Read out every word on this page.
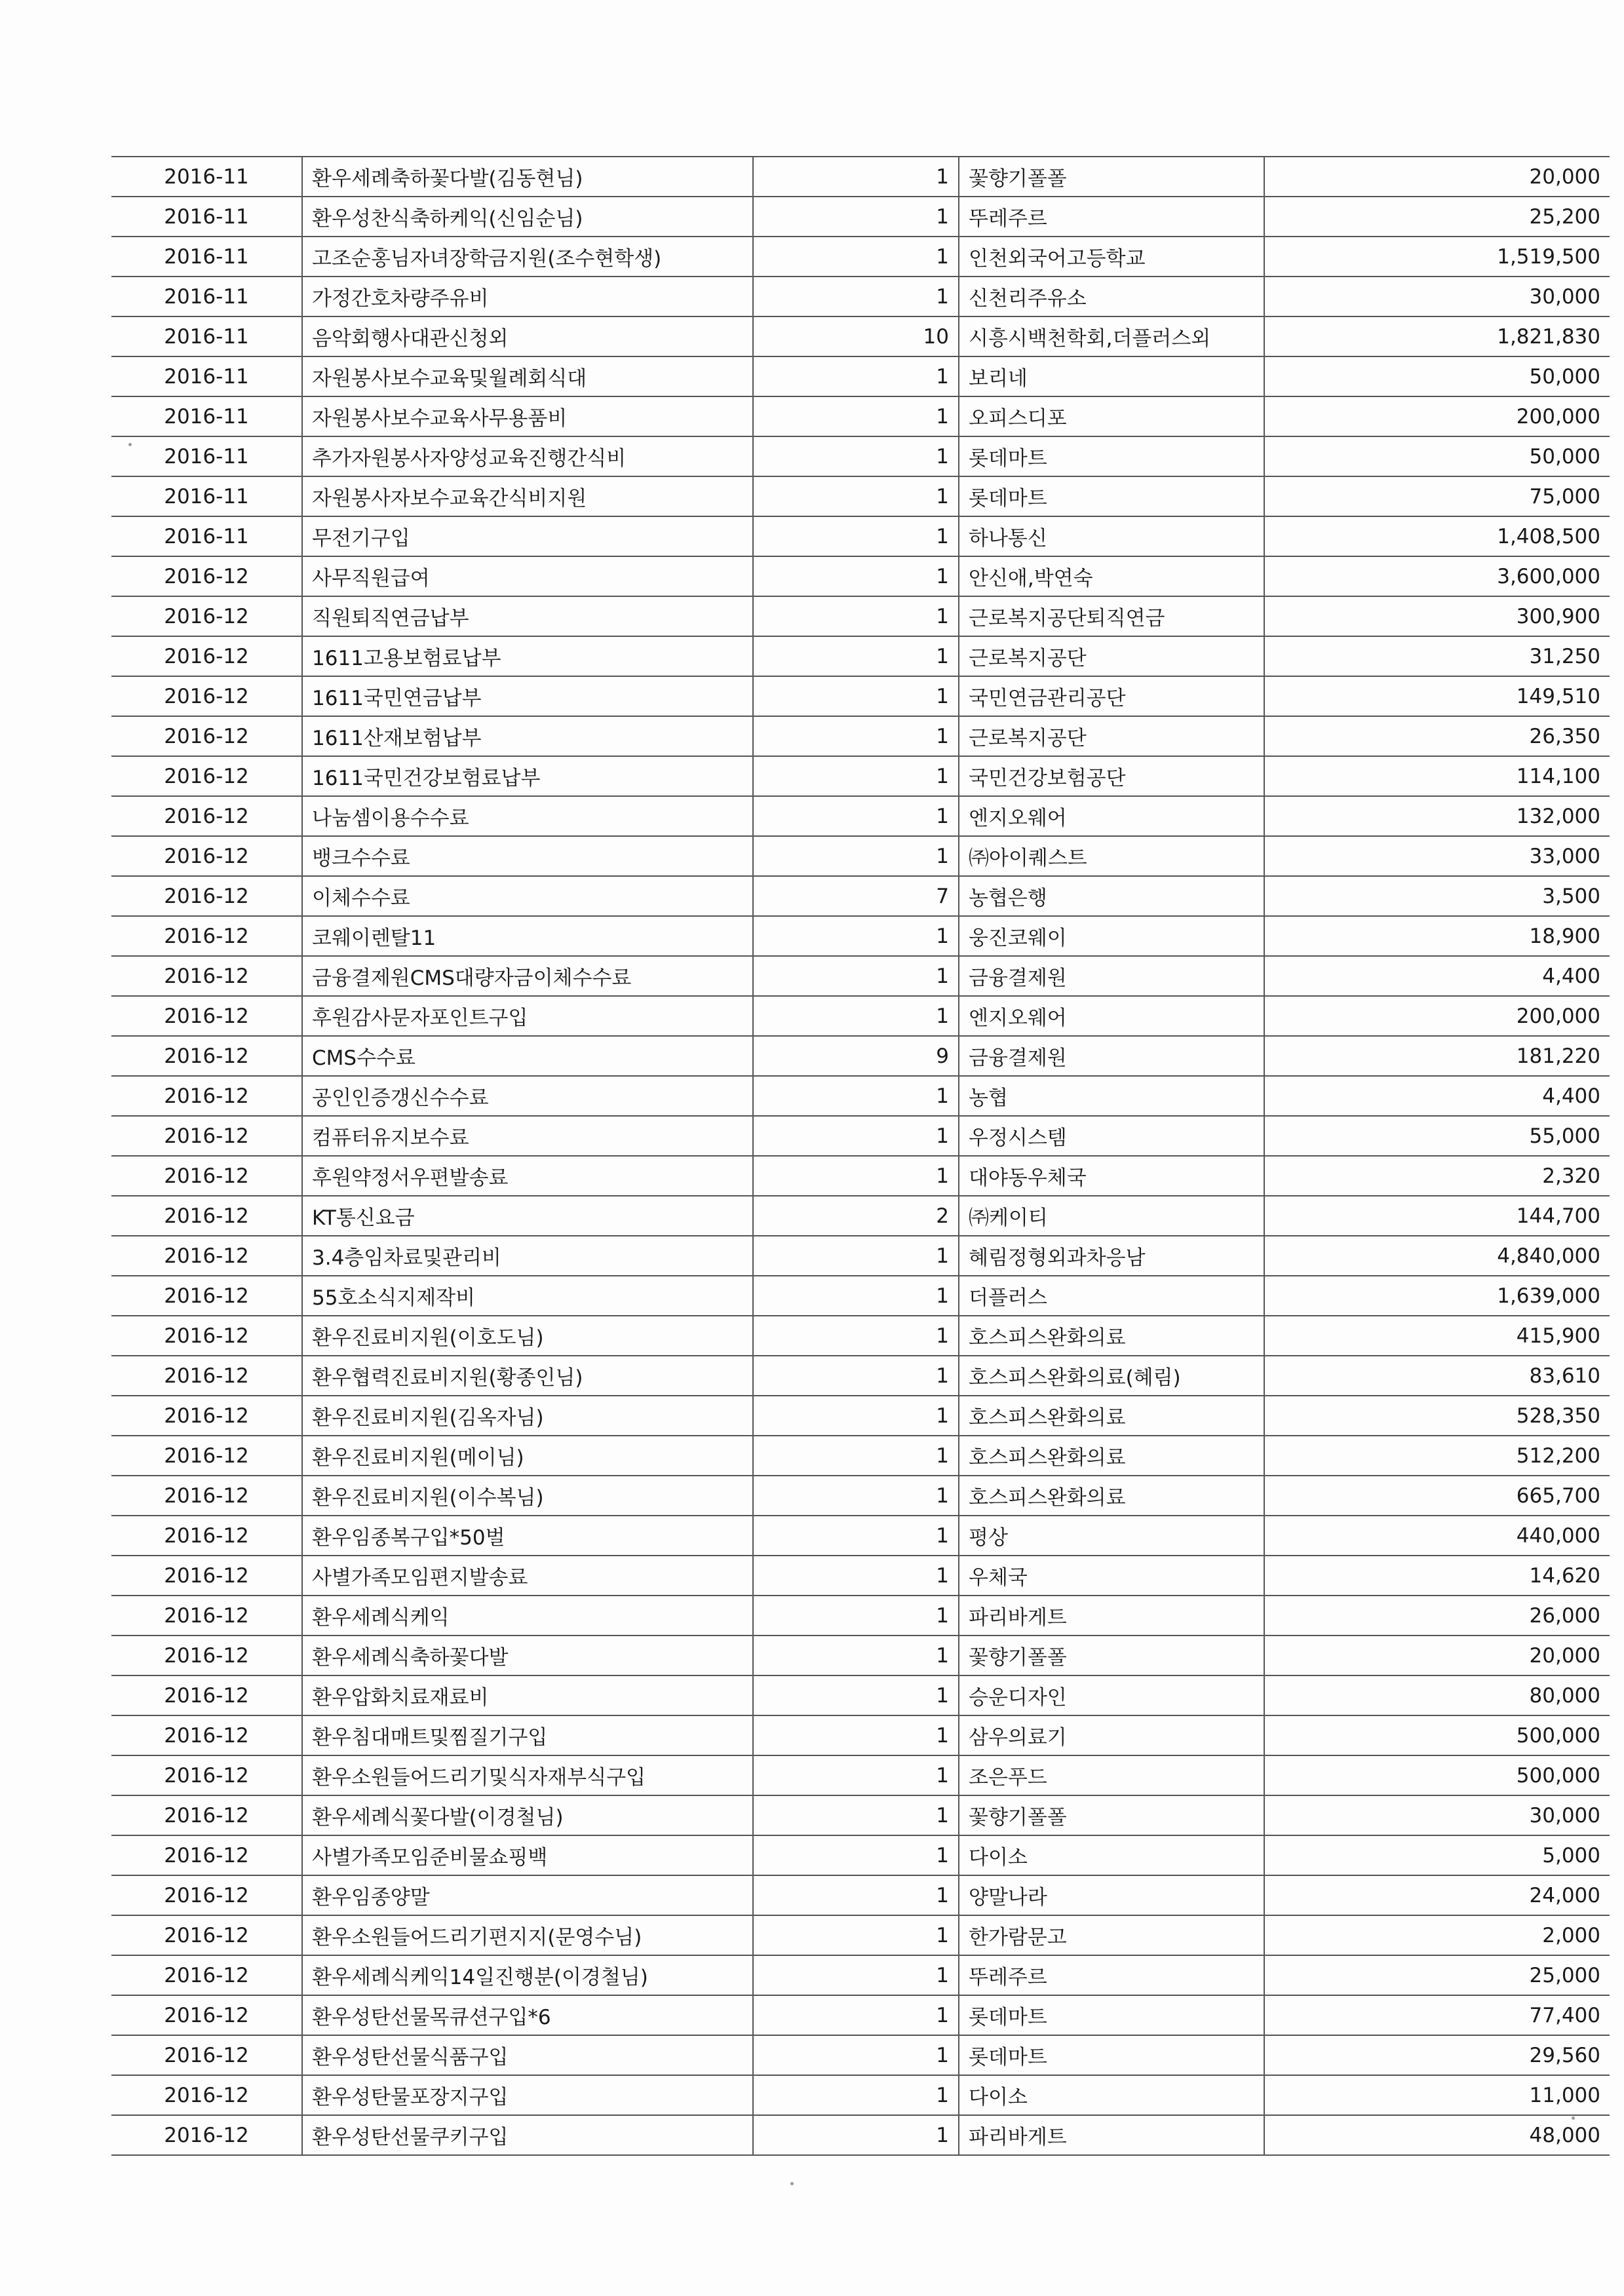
2016-11	환우세례축하꽃다발(김동현님)	1	꽃향기폴폴	20,000
2016-11	환우성찬식축하케익(신임순님)	1	뚜레주르	25,200
2016-11	고조순홍님자녀장학금지원(조수현학생)	1	인천외국어고등학교	1,519,500
2016-11	가정간호차량주유비	1	신천리주유소	30,000
2016-11	음악회행사대관신청외	10	시흥시백천학회,더플러스외	1,821,830
2016-11	자원봉사보수교육및월례회식대	1	보리네	50,000
2016-11	자원봉사보수교육사무용품비	1	오피스디포	200,000
2016-11	추가자원봉사자양성교육진행간식비	1	롯데마트	50,000
2016-11	자원봉사자보수교육간식비지원	1	롯데마트	75,000
2016-11	무전기구입	1	하나통신	1,408,500
2016-12	사무직원급여	1	안신애,박연숙	3,600,000
2016-12	직원퇴직연금납부	1	근로복지공단퇴직연금	300,900
2016-12	1611고용보험료납부	1	근로복지공단	31,250
2016-12	1611국민연금납부	1	국민연금관리공단	149,510
2016-12	1611산재보험납부	1	근로복지공단	26,350
2016-12	1611국민건강보험료납부	1	국민건강보험공단	114,100
2016-12	나눔셈이용수수료	1	엔지오웨어	132,000
2016-12	뱅크수수료	1	㈜아이퀘스트	33,000
2016-12	이체수수료	7	농협은행	3,500
2016-12	코웨이렌탈11	1	웅진코웨이	18,900
2016-12	금융결제원CMS대량자금이체수수료	1	금융결제원	4,400
2016-12	후원감사문자포인트구입	1	엔지오웨어	200,000
2016-12	CMS수수료	9	금융결제원	181,220
2016-12	공인인증갱신수수료	1	농협	4,400
2016-12	컴퓨터유지보수료	1	우정시스템	55,000
2016-12	후원약정서우편발송료	1	대야동우체국	2,320
2016-12	KT통신요금	2	㈜케이티	144,700
2016-12	3.4층임차료및관리비	1	혜림정형외과차응남	4,840,000
2016-12	55호소식지제작비	1	더플러스	1,639,000
2016-12	환우진료비지원(이호도님)	1	호스피스완화의료	415,900
2016-12	환우협력진료비지원(황종인님)	1	호스피스완화의료(혜림)	83,610
2016-12	환우진료비지원(김옥자님)	1	호스피스완화의료	528,350
2016-12	환우진료비지원(메이님)	1	호스피스완화의료	512,200
2016-12	환우진료비지원(이수복님)	1	호스피스완화의료	665,700
2016-12	환우임종복구입*50벌	1	평상	440,000
2016-12	사별가족모임편지발송료	1	우체국	14,620
2016-12	환우세례식케익	1	파리바게트	26,000
2016-12	환우세례식축하꽃다발	1	꽃향기폴폴	20,000
2016-12	환우압화치료재료비	1	승운디자인	80,000
2016-12	환우침대매트및찜질기구입	1	삼우의료기	500,000
2016-12	환우소원들어드리기및식자재부식구입	1	조은푸드	500,000
2016-12	환우세례식꽃다발(이경철님)	1	꽃향기폴폴	30,000
2016-12	사별가족모임준비물쇼핑백	1	다이소	5,000
2016-12	환우임종양말	1	양말나라	24,000
2016-12	환우소원들어드리기편지지(문영수님)	1	한가람문고	2,000
2016-12	환우세례식케익14일진행분(이경철님)	1	뚜레주르	25,000
2016-12	환우성탄선물목큐션구입*6	1	롯데마트	77,400
2016-12	환우성탄선물식품구입	1	롯데마트	29,560
2016-12	환우성탄물포장지구입	1	다이소	11,000
2016-12	환우성탄선물쿠키구입	1	파리바게트	48,000
